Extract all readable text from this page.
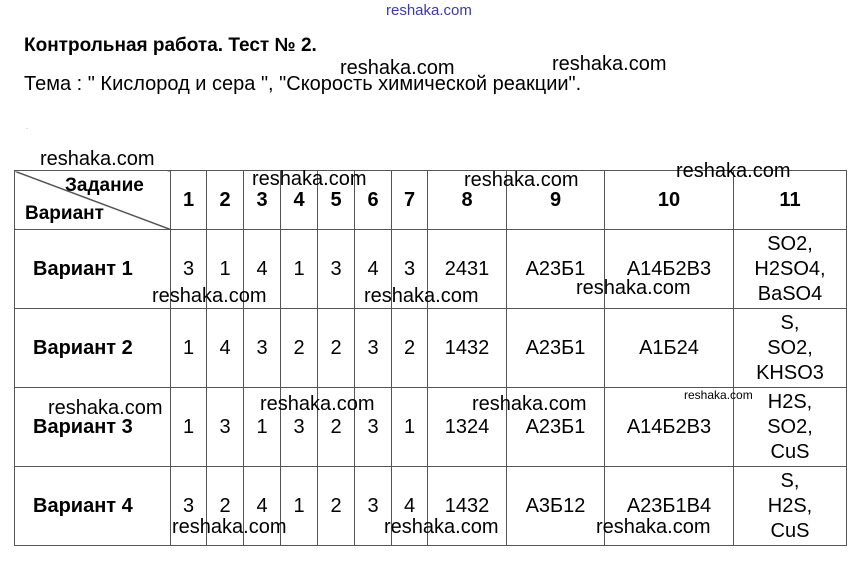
reshaka.com
Контрольная работа. Тест № 2.
Тема : " Кислород и сера ", "Скорость химической реакции".
.
Задание
Вариант	1	2	3	4	5	6	7	8	9	10	11
Вариант 1	3	1	4	1	3	4	3	2431	А23Б1	А14Б2В3	SO2,
H2SO4,
BaSO4

Вариант 2	1	4	3	2	2	3	2	1432	А23Б1	А1Б24	S,
SO2,
KHSO3

Вариант 3	1	3	1	3	2	3	1	1324	А23Б1	А14Б2В3	H2S,
SO2,
CuS

Вариант 4	3	2	4	1	2	3	4	1432	А3Б12	А23Б1В4	S,
H2S,
CuS
reshaka.com
reshaka.com
reshaka.com
reshaka.com
reshaka.com	reshaka.com
reshaka.com
reshaka.com	reshaka.com
reshaka.com
reshaka.com	reshaka.com
reshaka.com
reshaka.com	reshaka.com	reshaka.com
